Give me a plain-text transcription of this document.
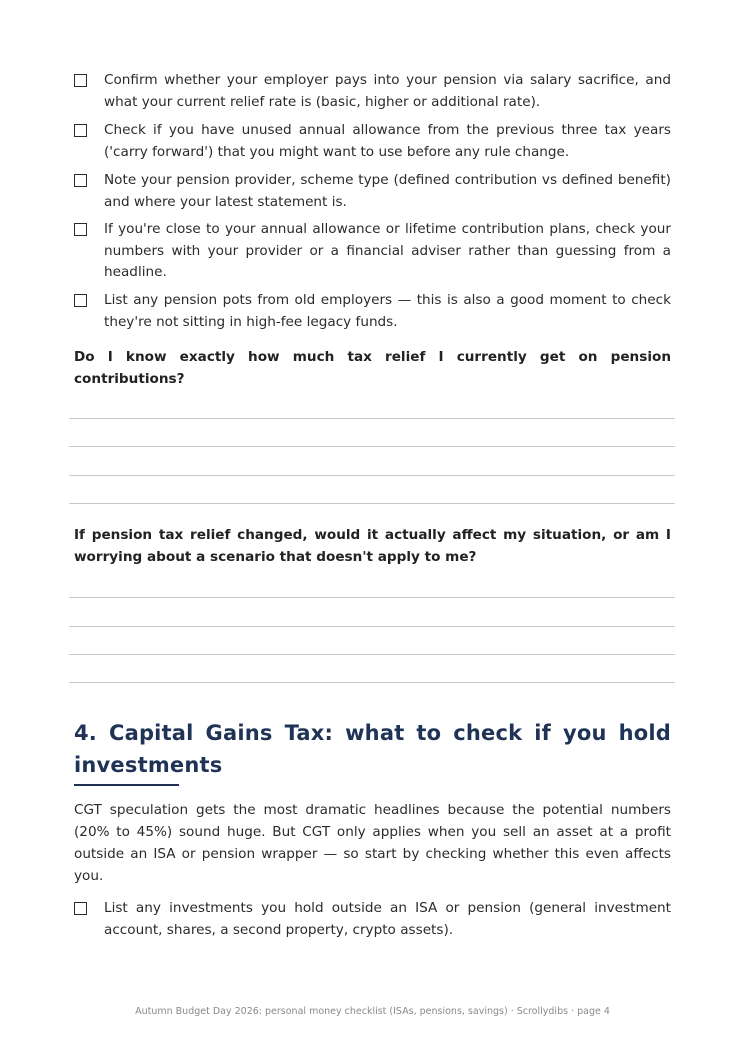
Confirm whether your employer pays into your pension via salary sacrifice, and what your current relief rate is (basic, higher or additional rate).
Check if you have unused annual allowance from the previous three tax years ('carry forward') that you might want to use before any rule change.
Note your pension provider, scheme type (defined contribution vs defined benefit) and where your latest statement is.
If you're close to your annual allowance or lifetime contribution plans, check your numbers with your provider or a financial adviser rather than guessing from a headline.
List any pension pots from old employers — this is also a good moment to check they're not sitting in high-fee legacy funds.
Do I know exactly how much tax relief I currently get on pension contributions?
If pension tax relief changed, would it actually affect my situation, or am I worrying about a scenario that doesn't apply to me?
4. Capital Gains Tax: what to check if you hold investments
CGT speculation gets the most dramatic headlines because the potential numbers (20% to 45%) sound huge. But CGT only applies when you sell an asset at a profit outside an ISA or pension wrapper — so start by checking whether this even affects you.
List any investments you hold outside an ISA or pension (general investment account, shares, a second property, crypto assets).
Autumn Budget Day 2026: personal money checklist (ISAs, pensions, savings) · Scrollydibs · page 4
